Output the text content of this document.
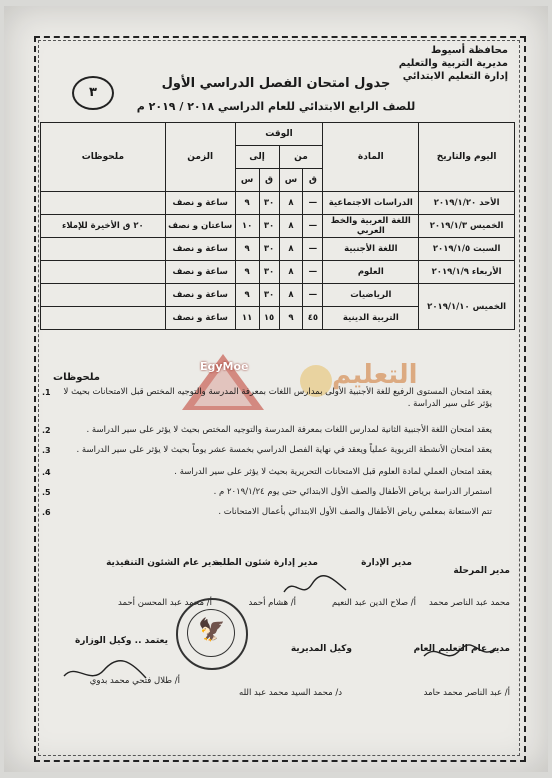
محافظة أسيوط
مديرية التربية والتعليم
إدارة التعليم الابتدائي
٣
جدول امتحان الفصل الدراسي الأول
للصف الرابع الابتدائي للعام الدراسي ٢٠١٨ / ٢٠١٩ م
اليوم والتاريخ	المادة	الوقت				الزمن	ملحوظات
		من		إلى			
		ق	س	ق	س		
الأحد ٢٠١٩/١/٢٠	الدراسات الاجتماعية	—	٨	٣٠	٩	ساعة و نصف	
الخميس ٢٠١٩/١/٣	اللغة العربية والخط العربي	—	٨	٣٠	١٠	ساعتان و نصف	٢٠ ق الأخيرة للإملاء
السبت ٢٠١٩/١/٥	اللغة الأجنبية	—	٨	٣٠	٩	ساعة و نصف	
الأربعاء ٢٠١٩/١/٩	العلوم	—	٨	٣٠	٩	ساعة و نصف	
الخميس ٢٠١٩/١/١٠	الرياضيات	—	٨	٣٠	٩	ساعة و نصف	
	التربية الدينية	٤٥	٩	١٥	١١	ساعة و نصف	
EgyMoe	التعليم
ملحوظات
يعقد امتحان المستوى الرفيع للغة الأجنبية الأولى بمدارس اللغات بمعرفة المدرسة والتوجيه المختص قبل الامتحانات بحيث لا يؤثر على سير الدراسة .
يعقد امتحان اللغة الأجنبية الثانية لمدارس اللغات بمعرفة المدرسة والتوجيه المختص بحيث لا يؤثر على سير الدراسة .
يعقد امتحان الأنشطة التربوية عملياً ويعقد في نهاية الفصل الدراسي بخمسة عشر يوماً بحيث لا يؤثر على سير الدراسة .
يعقد امتحان العملي لمادة العلوم قبل الامتحانات التحريرية بحيث لا يؤثر على سير الدراسة .
استمرار الدراسة برياض الأطفال والصف الأول الابتدائي حتى يوم ٢٠١٩/١/٢٤ م .
تتم الاستعانة بمعلمي رياض الأطفال والصف الأول الابتدائي بأعمال الامتحانات .
.1
.2
.3
.4
.5
.6
مدير عام الشئون التنفيذية
مدير إدارة شئون الطلبة	مدير الإدارة
مدير المرحلة
أ/ محمد عبد المحسن أحمد	أ/ هشام أحمد	أ/ صلاح الدين عبد النعيم محمد عبد الناصر محمد
يعتمد .. وكيل الوزارة
وكيل المديرية	مدير عام التعليم العام
أ/ طلال فتحي محمد بدوي
د/ محمد السيد محمد عبد الله	أ/ عبد الناصر محمد حامد
🦅
